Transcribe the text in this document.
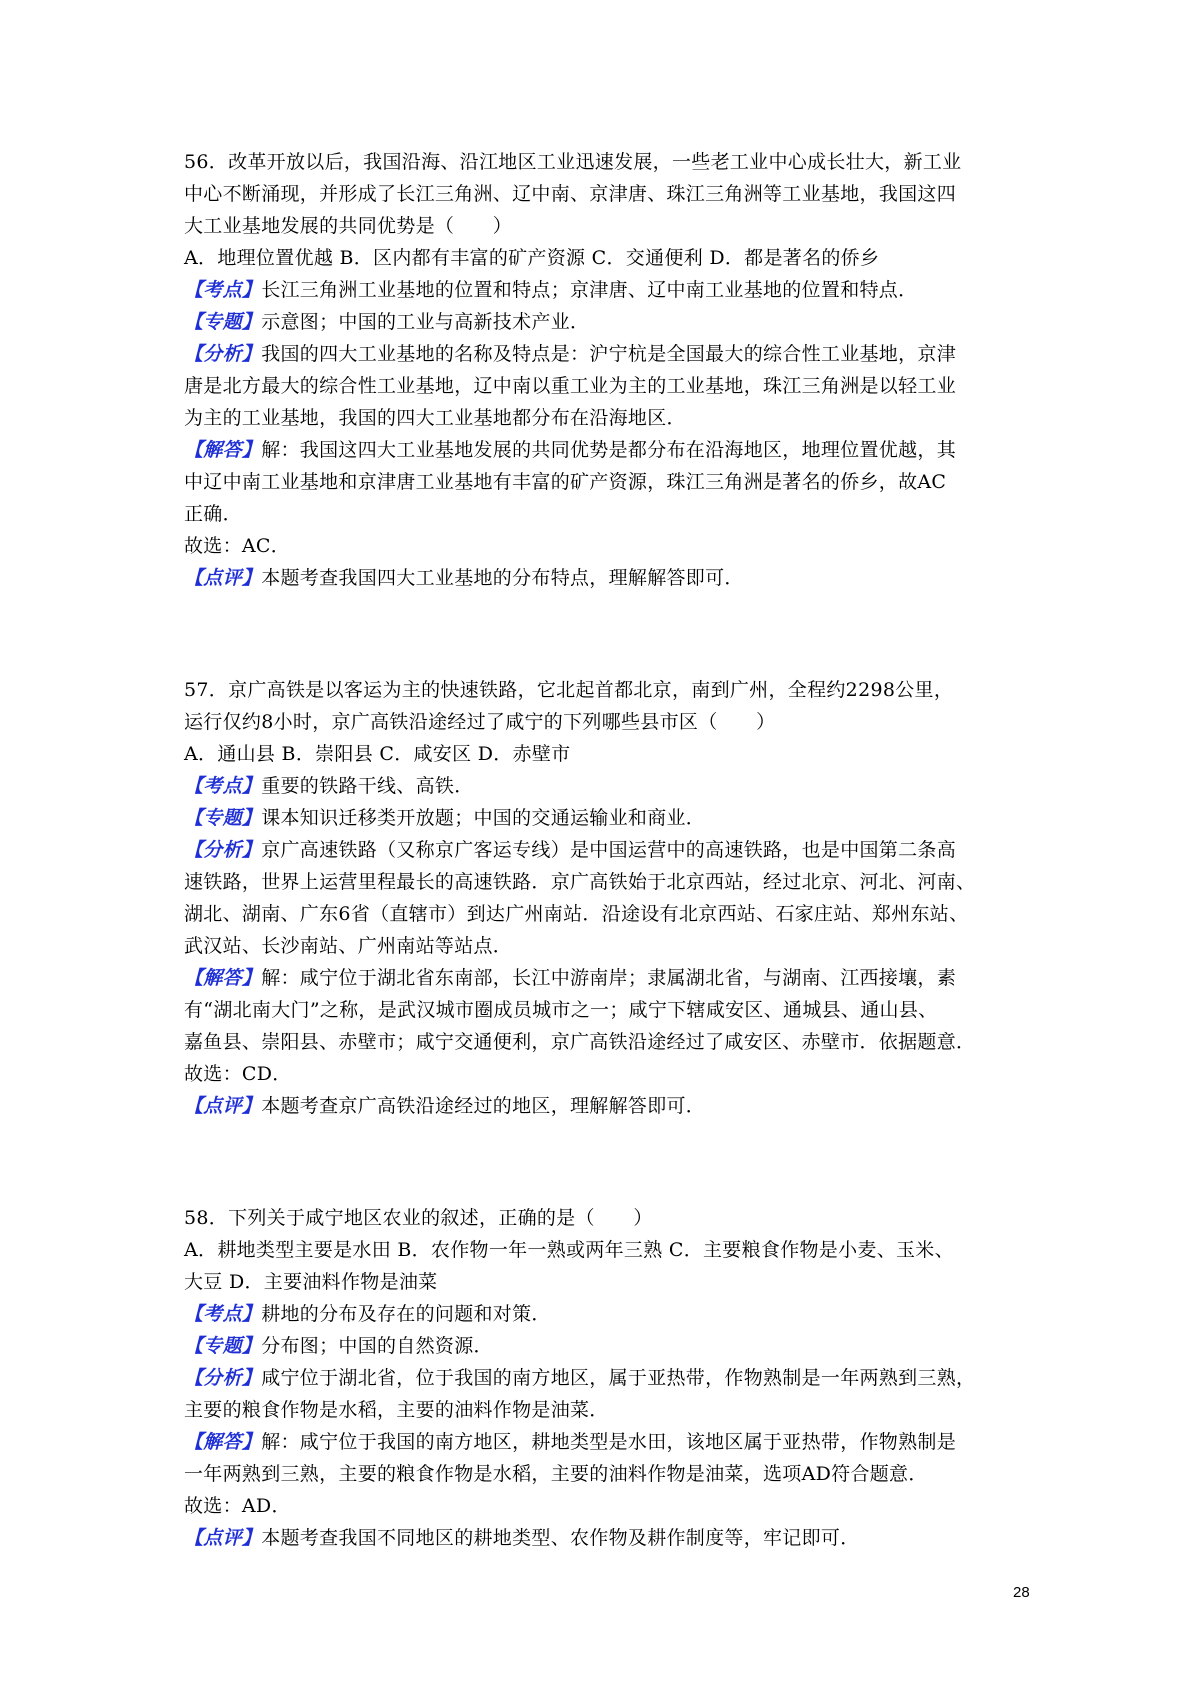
56．改革开放以后，我国沿海、沿江地区工业迅速发展，一些老工业中心成长壮大，新工业
中心不断涌现，并形成了长江三角洲、辽中南、京津唐、珠江三角洲等工业基地，我国这四
大工业基地发展的共同优势是（　　）
A．地理位置优越 B．区内都有丰富的矿产资源 C．交通便利 D．都是著名的侨乡
【考点】长江三角洲工业基地的位置和特点；京津唐、辽中南工业基地的位置和特点．
【专题】示意图；中国的工业与高新技术产业．
【分析】我国的四大工业基地的名称及特点是：沪宁杭是全国最大的综合性工业基地，京津
唐是北方最大的综合性工业基地，辽中南以重工业为主的工业基地，珠江三角洲是以轻工业
为主的工业基地，我国的四大工业基地都分布在沿海地区．
【解答】解：我国这四大工业基地发展的共同优势是都分布在沿海地区，地理位置优越，其
中辽中南工业基地和京津唐工业基地有丰富的矿产资源，珠江三角洲是著名的侨乡，故AC
正确．
故选：AC．
【点评】本题考查我国四大工业基地的分布特点，理解解答即可．
57．京广高铁是以客运为主的快速铁路，它北起首都北京，南到广州，全程约2298公里，
运行仅约8小时，京广高铁沿途经过了咸宁的下列哪些县市区（　　）
A．通山县 B．崇阳县 C．咸安区 D．赤壁市
【考点】重要的铁路干线、高铁．
【专题】课本知识迁移类开放题；中国的交通运输业和商业．
【分析】京广高速铁路（又称京广客运专线）是中国运营中的高速铁路，也是中国第二条高
速铁路，世界上运营里程最长的高速铁路．京广高铁始于北京西站，经过北京、河北、河南、
湖北、湖南、广东6省（直辖市）到达广州南站．沿途设有北京西站、石家庄站、郑州东站、
武汉站、长沙南站、广州南站等站点．
【解答】解：咸宁位于湖北省东南部，长江中游南岸；隶属湖北省，与湖南、江西接壤，素
有“湖北南大门”之称，是武汉城市圈成员城市之一；咸宁下辖咸安区、通城县、通山县、
嘉鱼县、崇阳县、赤壁市；咸宁交通便利，京广高铁沿途经过了咸安区、赤壁市．依据题意．
故选：CD．
【点评】本题考查京广高铁沿途经过的地区，理解解答即可．
58．下列关于咸宁地区农业的叙述，正确的是（　　）
A．耕地类型主要是水田 B．农作物一年一熟或两年三熟 C．主要粮食作物是小麦、玉米、
大豆 D．主要油料作物是油菜
【考点】耕地的分布及存在的问题和对策．
【专题】分布图；中国的自然资源．
【分析】咸宁位于湖北省，位于我国的南方地区，属于亚热带，作物熟制是一年两熟到三熟，
主要的粮食作物是水稻，主要的油料作物是油菜．
【解答】解：咸宁位于我国的南方地区，耕地类型是水田，该地区属于亚热带，作物熟制是
一年两熟到三熟，主要的粮食作物是水稻，主要的油料作物是油菜，选项AD符合题意．
故选：AD．
【点评】本题考查我国不同地区的耕地类型、农作物及耕作制度等，牢记即可．
28
